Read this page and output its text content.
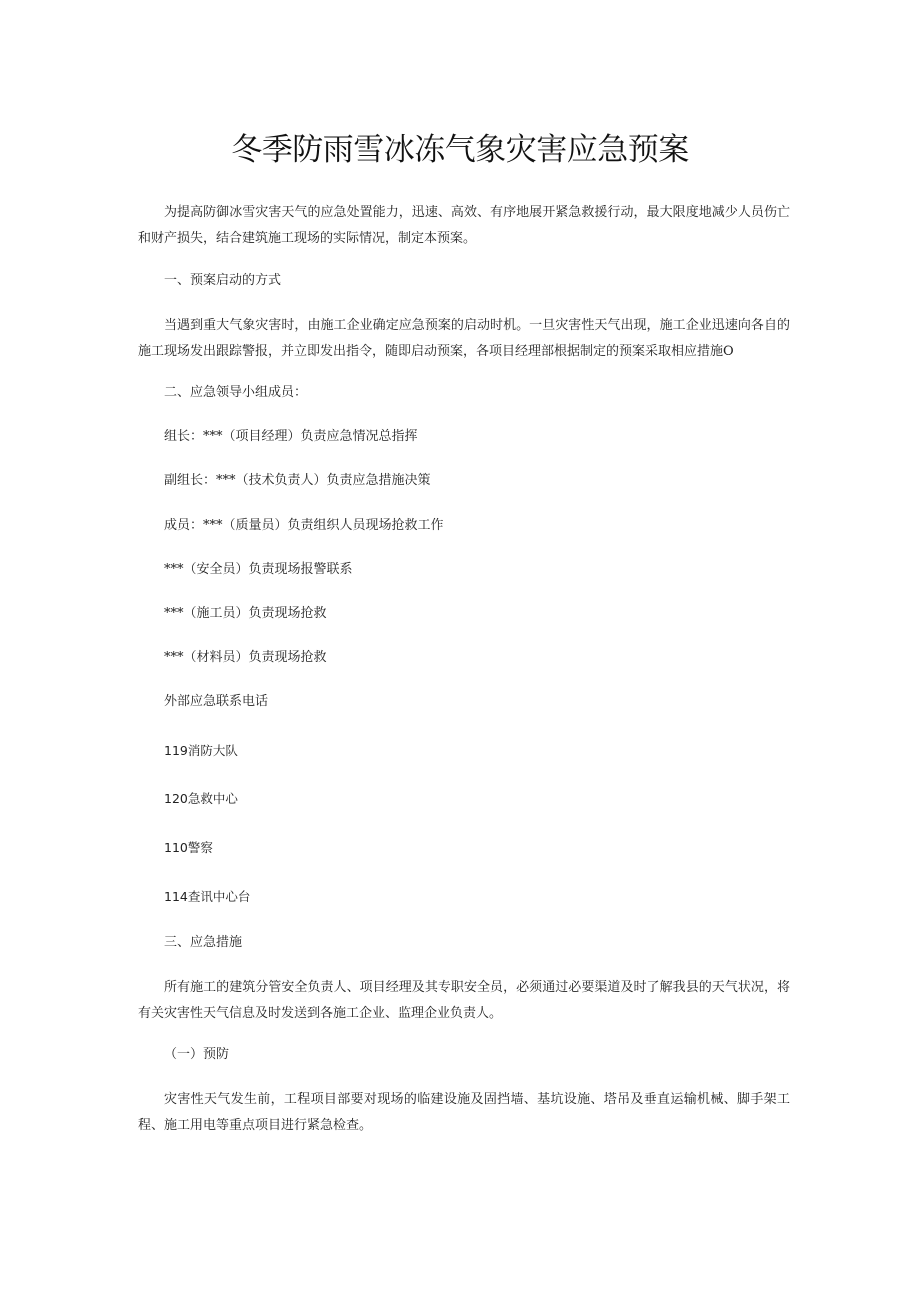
冬季防雨雪冰冻气象灾害应急预案

为提高防御冰雪灾害天气的应急处置能力，迅速、高效、有序地展开紧急救援行动，最大限度地减少人员伤亡和财产损失，结合建筑施工现场的实际情况，制定本预案。

一、预案启动的方式

当遇到重大气象灾害时，由施工企业确定应急预案的启动时机。一旦灾害性天气出现，施工企业迅速向各自的施工现场发出跟踪警报，并立即发出指令，随即启动预案，各项目经理部根据制定的预案采取相应措施O

二、应急领导小组成员：

组长：***（项目经理）负责应急情况总指挥

副组长：***（技术负责人）负责应急措施决策

成员：***（质量员）负责组织人员现场抢救工作

***（安全员）负责现场报警联系

***（施工员）负责现场抢救

***（材料员）负责现场抢救

外部应急联系电话

119消防大队

120急救中心

110警察

114查讯中心台

三、应急措施

所有施工的建筑分管安全负责人、项目经理及其专职安全员，必须通过必要渠道及时了解我县的天气状况，将有关灾害性天气信息及时发送到各施工企业、监理企业负责人。

（一）预防

灾害性天气发生前，工程项目部要对现场的临建设施及固挡墙、基坑设施、塔吊及垂直运输机械、脚手架工程、施工用电等重点项目进行紧急检查。
